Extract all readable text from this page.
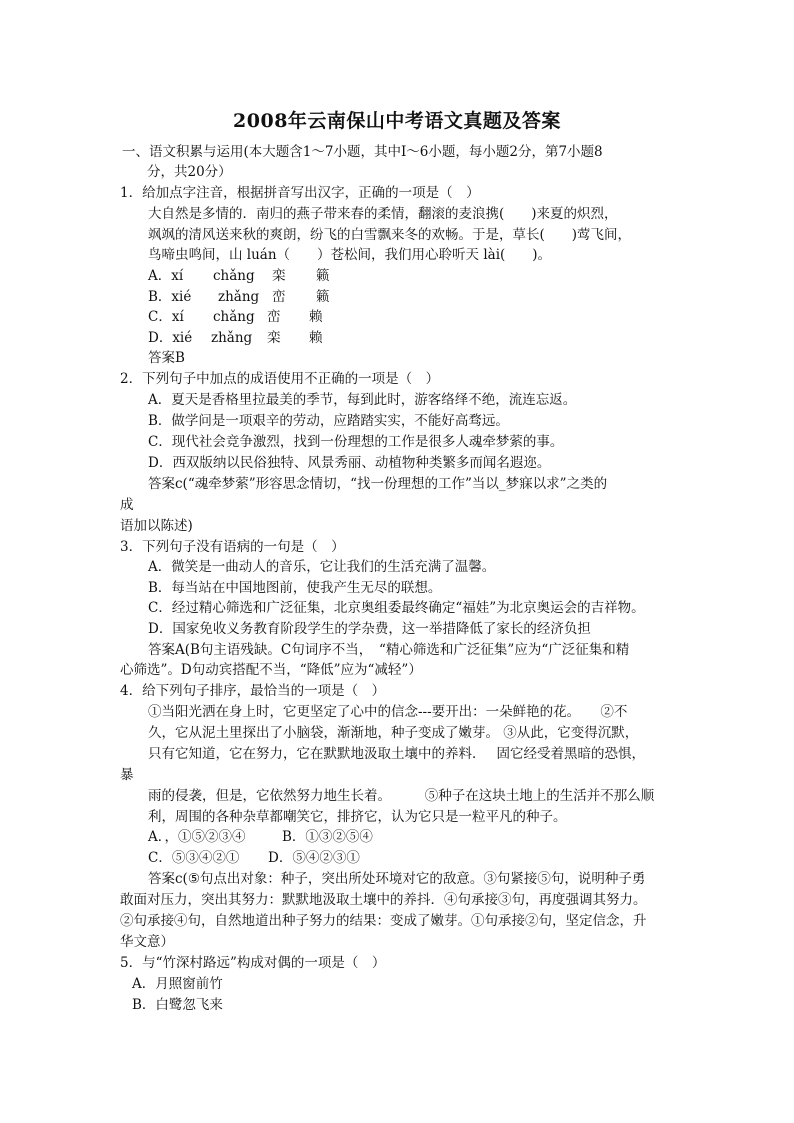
2008年云南保山中考语文真题及答案
一、语文积累与运用(本大题含1～7小题，其中I～6小题，每小题2分，第7小题8
分，共20分）
1．给加点字注音，根据拼音写出汉字，正确的一项是（　）
大自然是多情的．南归的燕子带来春的柔情，翻滚的麦浪携(　　)来夏的炽烈，
飒飒的清风送来秋的爽朗，纷飞的白雪飘来冬的欢畅。于是，草长(　　)莺飞间，
鸟啼虫鸣间，山 luán（　　）苍松间，我们用心聆听天 lài(　　)。
A．xí chǎng 栾 籁
B．xié zhǎng 峦 籁
C．xí chǎng 峦 赖
D．xié zhǎng 栾 赖
答案B
2．下列句子中加点的成语使用不正确的一项是（　）
A．夏天是香格里拉最美的季节，每到此时，游客络绎不绝，流连忘返。
B．做学问是一项艰辛的劳动，应踏踏实实，不能好高骛远。
C．现代社会竞争激烈，找到一份理想的工作是很多人魂牵梦萦的事。
D．西双版纳以民俗独特、风景秀丽、动植物种类繁多而闻名遐迩。
答案c(“魂牵梦萦”形容思念情切，“找一份理想的工作”当以_梦寐以求”之类的
成
语加以陈述)
3．下列句子没有语病的一句是（　）
A．微笑是一曲动人的音乐，它让我们的生活充满了温馨。
B．每当站在中国地图前，使我产生无尽的联想。
C．经过精心筛选和广泛征集，北京奥组委最终确定“福娃”为北京奥运会的吉祥物。
D．国家免收义务教育阶段学生的学杂费，这一举措降低了家长的经济负担
答案A(B句主语残缺。C句词序不当，　“精心筛选和广泛征集”应为“广泛征集和精
心筛选”。D句动宾搭配不当，“降低”应为“减轻”）
4．给下列句子排序，最恰当的一项是（　）
①当阳光洒在身上时，它更坚定了心中的信念---要开出：一朵鲜艳的花。　　②不
久，它从泥土里探出了小脑袋，渐渐地，种子变成了嫩芽。 ③从此，它变得沉默，
只有它知道，它在努力，它在默默地汲取土壤中的养料．　 固它经受着黑暗的恐惧，
暴
雨的侵袭，但是，它依然努力地生长着。　　　⑤种子在这块土地上的生活并不那么顺
利，周围的各种杂草都嘲笑它，排挤它，认为它只是一粒平凡的种子。
A．，①⑤②③④	B．①③②⑤④
C．⑤③④②① D．⑤④②③①
答案c(⑤句点出对象：种子，突出所处环境对它的敌意。③句紧接⑤句，说明种子勇
敢面对压力，突出其努力：默默地汲取土壤中的养抖．④句承接③句，再度强调其努力。
②句承接④句，自然地道出种子努力的结果：变成了嫩芽。①句承接②句，坚定信念，升
华文意）
5．与“竹深村路远”构成对偶的一项是（　）
A．月照窗前竹
B．白鹭忽飞来
